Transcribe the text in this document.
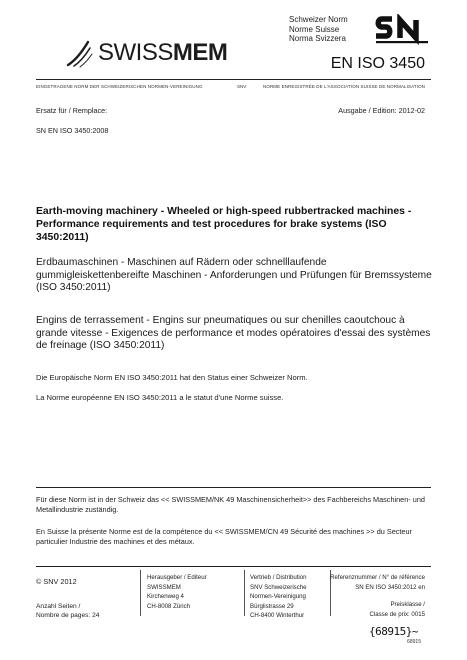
SWISSMEM
Schweizer Norm
Norme Suisse
Norma Svizzera
EN ISO 3450
EINGETRAGENE NORM DER SCHWEIZERISCHEN NORMEN-VEREINIGUNG	SNV	NORME ENREGISTRÉE DE L'ASSOCIATION SUISSE DE NORMALISATION
Ersatz für / Remplace:	Ausgabe / Edition: 2012-02
SN EN ISO 3450:2008
Earth-moving machinery - Wheeled or high-speed rubbertracked machines - Performance requirements and test procedures for brake systems (ISO 3450:2011)
Erdbaumaschinen - Maschinen auf Rädern oder schnelllaufende gummigleiskettenbereifte Maschinen - Anforderungen und Prüfungen für Bremssysteme (ISO 3450:2011)
Engins de terrassement - Engins sur pneumatiques ou sur chenilles caoutchouc à grande vitesse - Exigences de performance et modes opératoires d'essai des systèmes de freinage (ISO 3450:2011)
Die Europäische Norm EN ISO 3450:2011 hat den Status einer Schweizer Norm.
La Norme européenne EN ISO 3450:2011 a le statut d'une Norme suisse.
Für diese Norm ist in der Schweiz das << SWISSMEM/NK 49 Maschinensicherheit>> des Fachbereichs Maschinen- und Metallindustrie zuständig.
En Suisse la présente Norme est de la compétence du << SWISSMEM/CN 49 Sécurité des machines >> du Secteur particulier Industrie des machines et des métaux.
© SNV 2012
Anzahl Seiten /
Nombre de pages: 24
Herausgeber / Editeur
SWISSMEM
Kirchenweg 4
CH-8008 Zürich
Vertrieb / Distribution
SNV Schweizerische
Normen-Vereinigung
Bürglistrasse 29
CH-8400 Winterthur
Referenznummer / N° de référence
SN EN ISO 3450:2012 en
Preisklasse /
Classe de prix: 0015
{68915}~
68915
